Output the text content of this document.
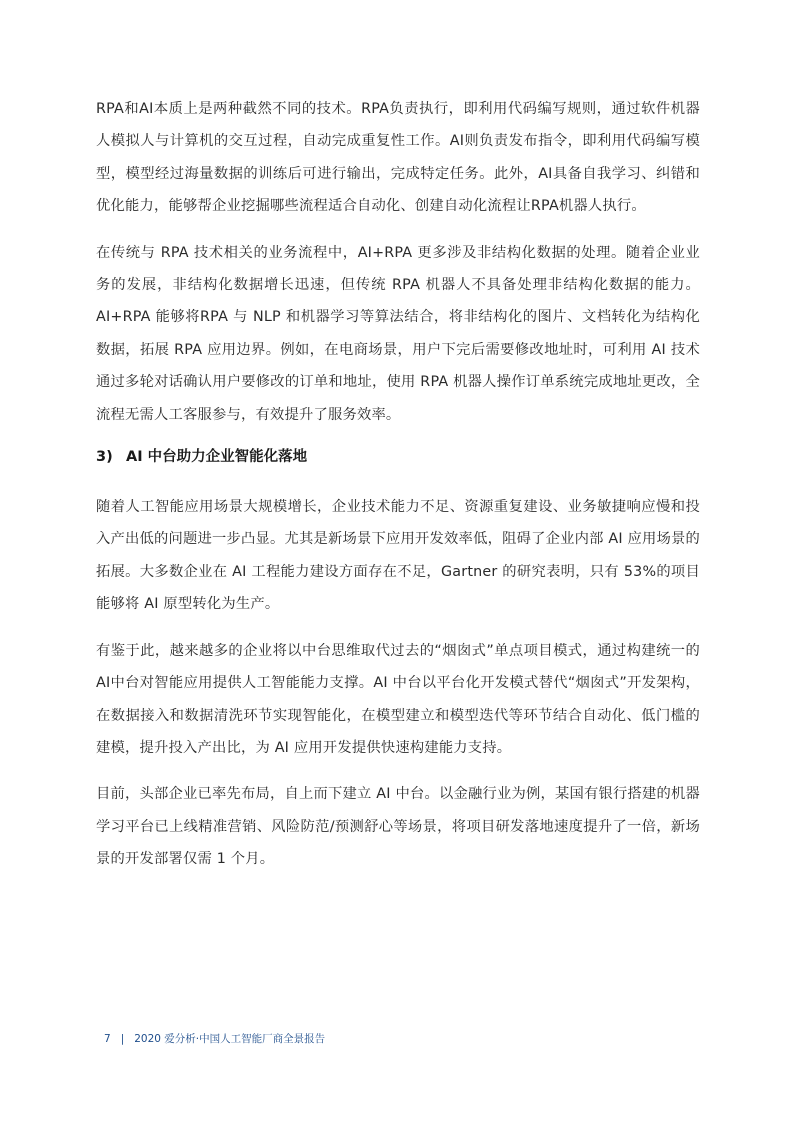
RPA和AI本质上是两种截然不同的技术。RPA负责执行，即利用代码编写规则，通过软件机器人模拟人与计算机的交互过程，自动完成重复性工作。AI则负责发布指令，即利用代码编写模型，模型经过海量数据的训练后可进行输出，完成特定任务。此外，AI具备自我学习、纠错和优化能力，能够帮企业挖掘哪些流程适合自动化、创建自动化流程让RPA机器人执行。

在传统与 RPA 技术相关的业务流程中，AI+RPA 更多涉及非结构化数据的处理。随着企业业务的发展，非结构化数据增长迅速，但传统 RPA 机器人不具备处理非结构化数据的能力。AI+RPA 能够将RPA 与 NLP 和机器学习等算法结合，将非结构化的图片、文档转化为结构化数据，拓展 RPA 应用边界。例如，在电商场景，用户下完后需要修改地址时，可利用 AI 技术通过多轮对话确认用户要修改的订单和地址，使用 RPA 机器人操作订单系统完成地址更改，全流程无需人工客服参与，有效提升了服务效率。

3) AI 中台助力企业智能化落地

随着人工智能应用场景大规模增长，企业技术能力不足、资源重复建设、业务敏捷响应慢和投入产出低的问题进一步凸显。尤其是新场景下应用开发效率低，阻碍了企业内部 AI 应用场景的拓展。大多数企业在 AI 工程能力建设方面存在不足，Gartner 的研究表明，只有 53%的项目能够将 AI 原型转化为生产。

有鉴于此，越来越多的企业将以中台思维取代过去的“烟囱式”单点项目模式，通过构建统一的 AI中台对智能应用提供人工智能能力支撑。AI 中台以平台化开发模式替代“烟囱式”开发架构，在数据接入和数据清洗环节实现智能化，在模型建立和模型迭代等环节结合自动化、低门槛的建模，提升投入产出比，为 AI 应用开发提供快速构建能力支持。

目前，头部企业已率先布局，自上而下建立 AI 中台。以金融行业为例，某国有银行搭建的机器学习平台已上线精准营销、风险防范/预测舒心等场景，将项目研发落地速度提升了一倍，新场景的开发部署仅需 1 个月。

7 | 2020 爱分析·中国人工智能厂商全景报告
